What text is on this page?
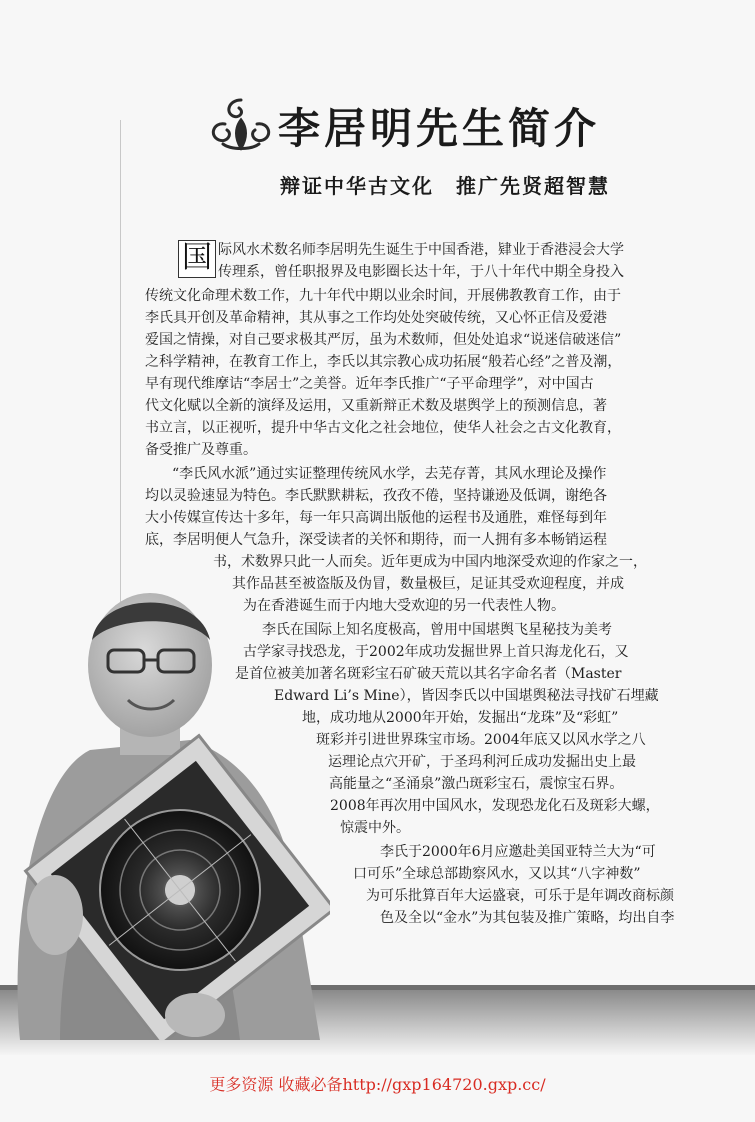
李居明先生简介
辩证中华古文化　推广先贤超智慧
国 际风水术数名师李居明先生诞生于中国香港，肄业于香港浸会大学
传理系，曾任职报界及电影圈长达十年，于八十年代中期全身投入
传统文化命理术数工作，九十年代中期以业余时间，开展佛教教育工作，由于
李氏具开创及革命精神，其从事之工作均处处突破传统，又心怀正信及爱港
爱国之情操，对自己要求极其严厉，虽为术数师，但处处追求“说迷信破迷信”
之科学精神，在教育工作上，李氏以其宗教心成功拓展“般若心经”之普及潮，
早有现代维摩诘“李居士”之美誉。近年李氏推广“子平命理学”，对中国古
代文化赋以全新的演绎及运用，又重新辩正术数及堪舆学上的预测信息，著
书立言，以正视听，提升中华古文化之社会地位，使华人社会之古文化教育，
备受推广及尊重。
“李氏风水派”通过实证整理传统风水学，去芜存菁，其风水理论及操作
均以灵验速显为特色。李氏默默耕耘，孜孜不倦，坚持谦逊及低调，谢绝各
大小传媒宣传达十多年，每一年只高调出版他的运程书及通胜，难怪每到年
底，李居明便人气急升，深受读者的关怀和期待，而一人拥有多本畅销运程
书，术数界只此一人而矣。近年更成为中国内地深受欢迎的作家之一，
其作品甚至被盗版及伪冒，数量极巨，足证其受欢迎程度，并成
为在香港诞生而于内地大受欢迎的另一代表性人物。
李氏在国际上知名度极高，曾用中国堪舆飞星秘技为美考
古学家寻找恐龙，于2002年成功发掘世界上首只海龙化石，又
是首位被美加著名斑彩宝石矿破天荒以其名字命名者（Master
Edward Li’s Mine），皆因李氏以中国堪舆秘法寻找矿石埋藏
地，成功地从2000年开始，发掘出“龙珠”及“彩虹”
斑彩并引进世界珠宝市场。2004年底又以风水学之八
运理论点穴开矿，于圣玛利河丘成功发掘出史上最
高能量之“圣涌泉”激凸斑彩宝石，震惊宝石界。
2008年再次用中国风水，发现恐龙化石及斑彩大螺，
惊震中外。
李氏于2000年6月应邀赴美国亚特兰大为“可
口可乐”全球总部勘察风水，又以其“八字神数”
为可乐批算百年大运盛衰，可乐于是年调改商标颜
色及全以“金水”为其包装及推广策略，均出自李
更多资源 收藏必备http://gxp164720.gxp.cc/
